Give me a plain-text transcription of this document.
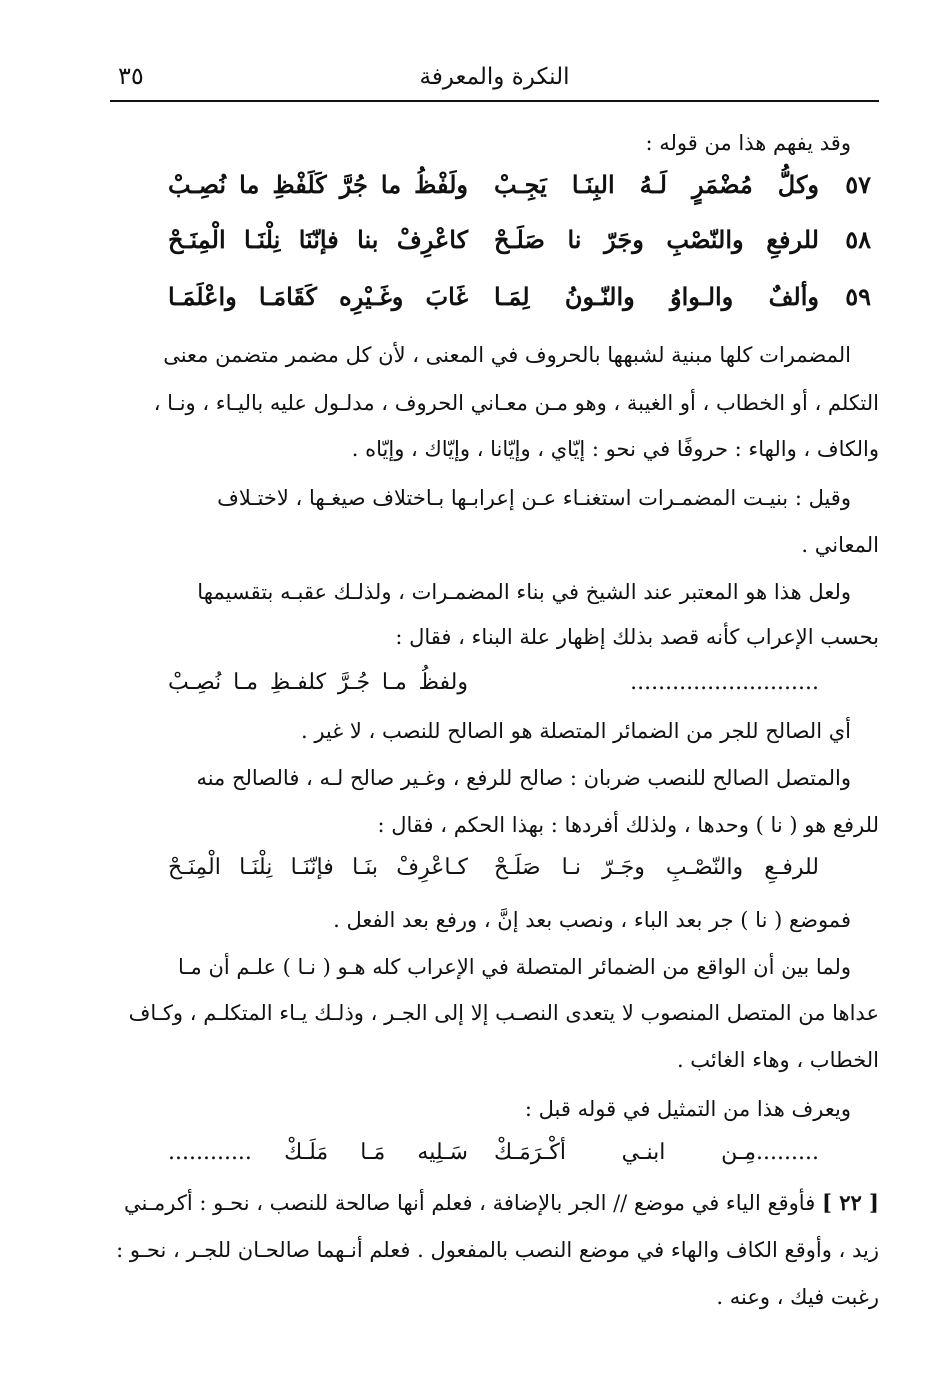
النكرة والمعرفة
٣٥
وقد يفهم هذا من قوله :
٥٧
وكلُّ مُضْمَرٍ لَـهُ البِنَـا يَجِـبْ
ولَفْظُ ما جُرَّ كَلَفْظِ ما نُصِـبْ
٥٨
للرفعِ والنّصْبِ وجَرّ نا صَلَـحْ
كاعْرِفْ بنا فإنّنَا نِلْنَـا الْمِنَـحْ
٥٩
وألفٌ والـواوُ والنّـونُ لِمَـا
غَابَ وغَـيْرِه كَقَامَـا واعْلَمَـا
المضمرات كلها مبنية لشبهها بالحروف في المعنى ، لأن كل مضمر متضمن معنى
التكلم ، أو الخطاب ، أو الغيبة ، وهو مـن معـاني الحروف ، مدلـول عليه باليـاء ، ونـا ،
والكاف ، والهاء : حروفًا في نحو : إيّاي ، وإيّانا ، وإيّاك ، وإيّاه .
وقيل : بنيـت المضمـرات استغنـاء عـن إعرابـها بـاختلاف صيغـها ، لاختـلاف
المعاني .
ولعل هذا هو المعتبر عند الشيخ في بناء المضمـرات ، ولذلـك عقبـه بتقسيمها
بحسب الإعراب كأنه قصد بذلك إظهار علة البناء ، فقال :
...........................
ولفظُ مـا جُـرَّ كلفـظِ مـا نُصِـبْ
أي الصالح للجر من الضمائر المتصلة هو الصالح للنصب ، لا غير .
والمتصل الصالح للنصب ضربان : صالح للرفع ، وغـير صالح لـه ، فالصالح منه
للرفع هو ( نا ) وحدها ، ولذلك أفردها : بهذا الحكم ، فقال :
للرفـعِ والنّصْـبِ وجَـرّ نـا صَلَـحْ
كـاعْرِفْ بنَـا فإنّنَـا نِلْنَـا الْمِنَـحْ
فموضع ( نا ) جر بعد الباء ، ونصب بعد إنَّ ، ورفع بعد الفعل .
ولما بين أن الواقع من الضمائر المتصلة في الإعراب كله هـو ( نـا ) علـم أن مـا
عداها من المتصل المنصوب لا يتعدى النصـب إلا إلى الجـر ، وذلـك يـاء المتكلـم ، وكـاف
الخطاب ، وهاء الغائب .
ويعرف هذا من التمثيل في قوله قبل :
.........مِـن ابنـي أكْـرَمَـكْ
سَـلِيه مَـا مَلَـكْ ............
[ ٢٢ ] فأوقع الياء في موضع // الجر بالإضافة ، فعلم أنها صالحة للنصب ، نحـو : أكرمـني
زيد ، وأوقع الكاف والهاء في موضع النصب بالمفعول . فعلم أنـهما صالحـان للجـر ، نحـو :
رغبت فيك ، وعنه .
